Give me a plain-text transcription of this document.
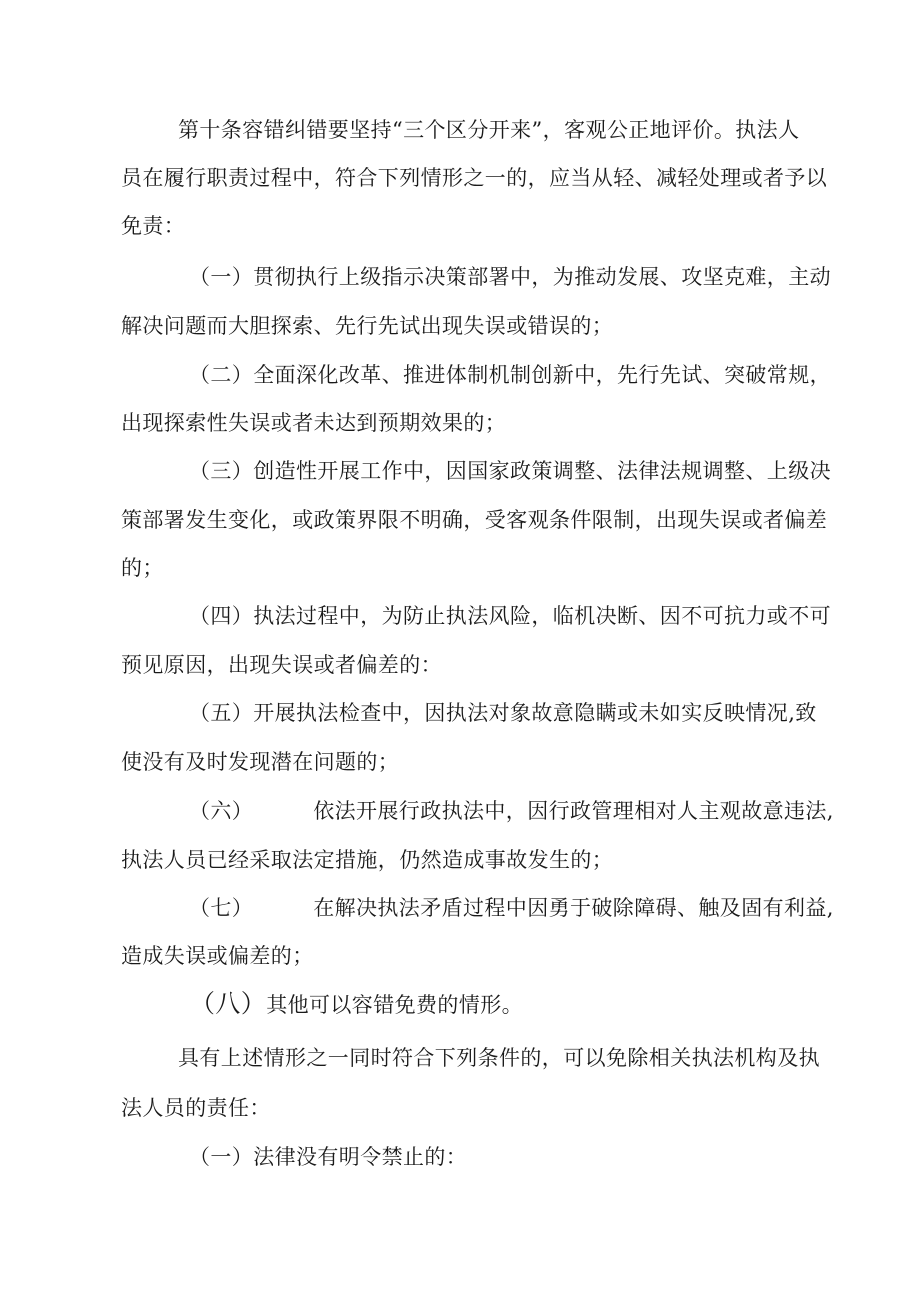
第十条容错纠错要坚持“三个区分开来”，客观公正地评价。执法人

员在履行职责过程中，符合下列情形之一的，应当从轻、减轻处理或者予以

免责：

（一）贯彻执行上级指示决策部署中，为推动发展、攻坚克难，主动

解决问题而大胆探索、先行先试出现失误或错误的；

（二）全面深化改革、推进体制机制创新中，先行先试、突破常规，

出现探索性失误或者未达到预期效果的；

（三）创造性开展工作中，因国家政策调整、法律法规调整、上级决

策部署发生变化，或政策界限不明确，受客观条件限制，出现失误或者偏差

的；

（四）执法过程中，为防止执法风险，临机决断、因不可抗力或不可

预见原因，出现失误或者偏差的：

（五）开展执法检查中，因执法对象故意隐瞒或未如实反映情况,致

使没有及时发现潜在问题的；

（六）	依法开展行政执法中，因行政管理相对人主观故意违法,

执法人员已经采取法定措施，仍然造成事故发生的；

（七）	在解决执法矛盾过程中因勇于破除障碍、触及固有利益,

造成失误或偏差的；

（八）其他可以容错免费的情形。

具有上述情形之一同时符合下列条件的，可以免除相关执法机构及执

法人员的责任：

（一）法律没有明令禁止的：
